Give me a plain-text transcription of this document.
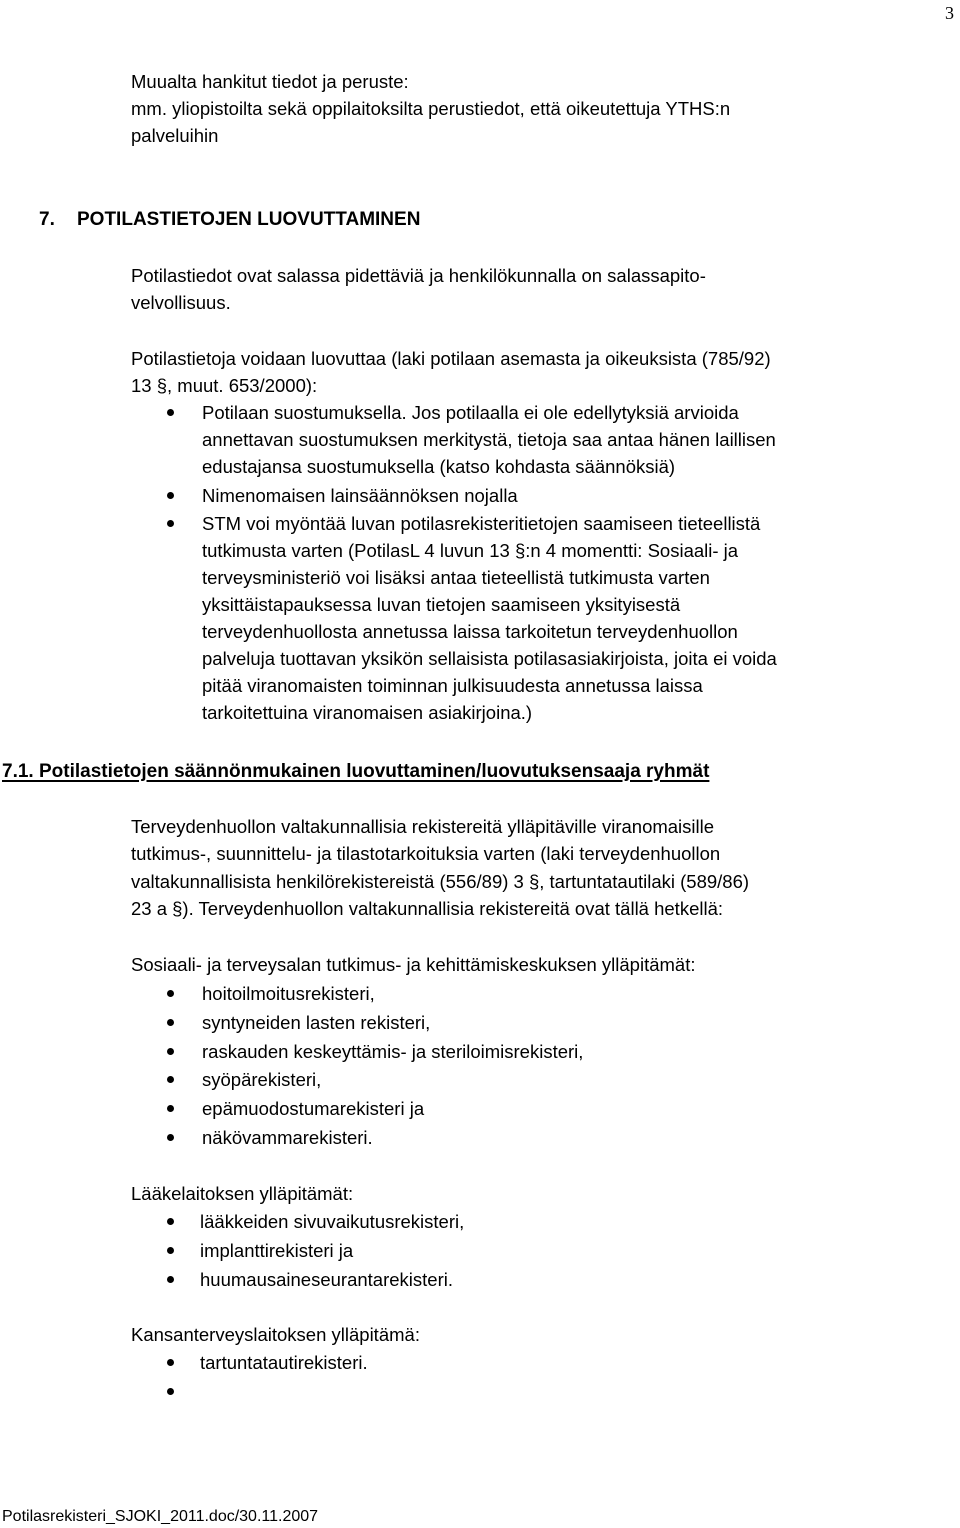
3
Muualta hankitut tiedot ja peruste:
mm. yliopistoilta sekä oppilaitoksilta perustiedot, että oikeutettuja YTHS:n
palveluihin
7. POTILASTIETOJEN LUOVUTTAMINEN
Potilastiedot ovat salassa pidettäviä ja henkilökunnalla on salassapito-
velvollisuus.
Potilastietoja voidaan luovuttaa (laki potilaan asemasta ja oikeuksista (785/92)
13 §, muut. 653/2000):
Potilaan suostumuksella. Jos potilaalla ei ole edellytyksiä arvioida
annettavan suostumuksen merkitystä, tietoja saa antaa hänen laillisen
edustajansa suostumuksella (katso kohdasta säännöksiä)
Nimenomaisen lainsäännöksen nojalla
STM voi myöntää luvan potilasrekisteritietojen saamiseen tieteellistä
tutkimusta varten (PotilasL 4 luvun 13 §:n 4 momentti: Sosiaali- ja
terveysministeriö voi lisäksi antaa tieteellistä tutkimusta varten
yksittäistapauksessa luvan tietojen saamiseen yksityisestä
terveydenhuollosta annetussa laissa tarkoitetun terveydenhuollon
palveluja tuottavan yksikön sellaisista potilasasiakirjoista, joita ei voida
pitää viranomaisten toiminnan julkisuudesta annetussa laissa
tarkoitettuina viranomaisen asiakirjoina.)
7.1. Potilastietojen säännönmukainen luovuttaminen/luovutuksensaaja ryhmät
Terveydenhuollon valtakunnallisia rekistereitä ylläpitäville viranomaisille
tutkimus-, suunnittelu- ja tilastotarkoituksia varten (laki terveydenhuollon
valtakunnallisista henkilörekistereistä (556/89) 3 §, tartuntatautilaki (589/86)
23 a §). Terveydenhuollon valtakunnallisia rekistereitä ovat tällä hetkellä:
Sosiaali- ja terveysalan tutkimus- ja kehittämiskeskuksen ylläpitämät:
hoitoilmoitusrekisteri,
syntyneiden lasten rekisteri,
raskauden keskeyttämis- ja steriloimisrekisteri,
syöpärekisteri,
epämuodostumarekisteri ja
näkövammarekisteri.
Lääkelaitoksen ylläpitämät:
lääkkeiden sivuvaikutusrekisteri,
implanttirekisteri ja
huumausaineseurantarekisteri.
Kansanterveyslaitoksen ylläpitämä:
tartuntatautirekisteri.
Potilasrekisteri_SJOKI_2011.doc/30.11.2007
